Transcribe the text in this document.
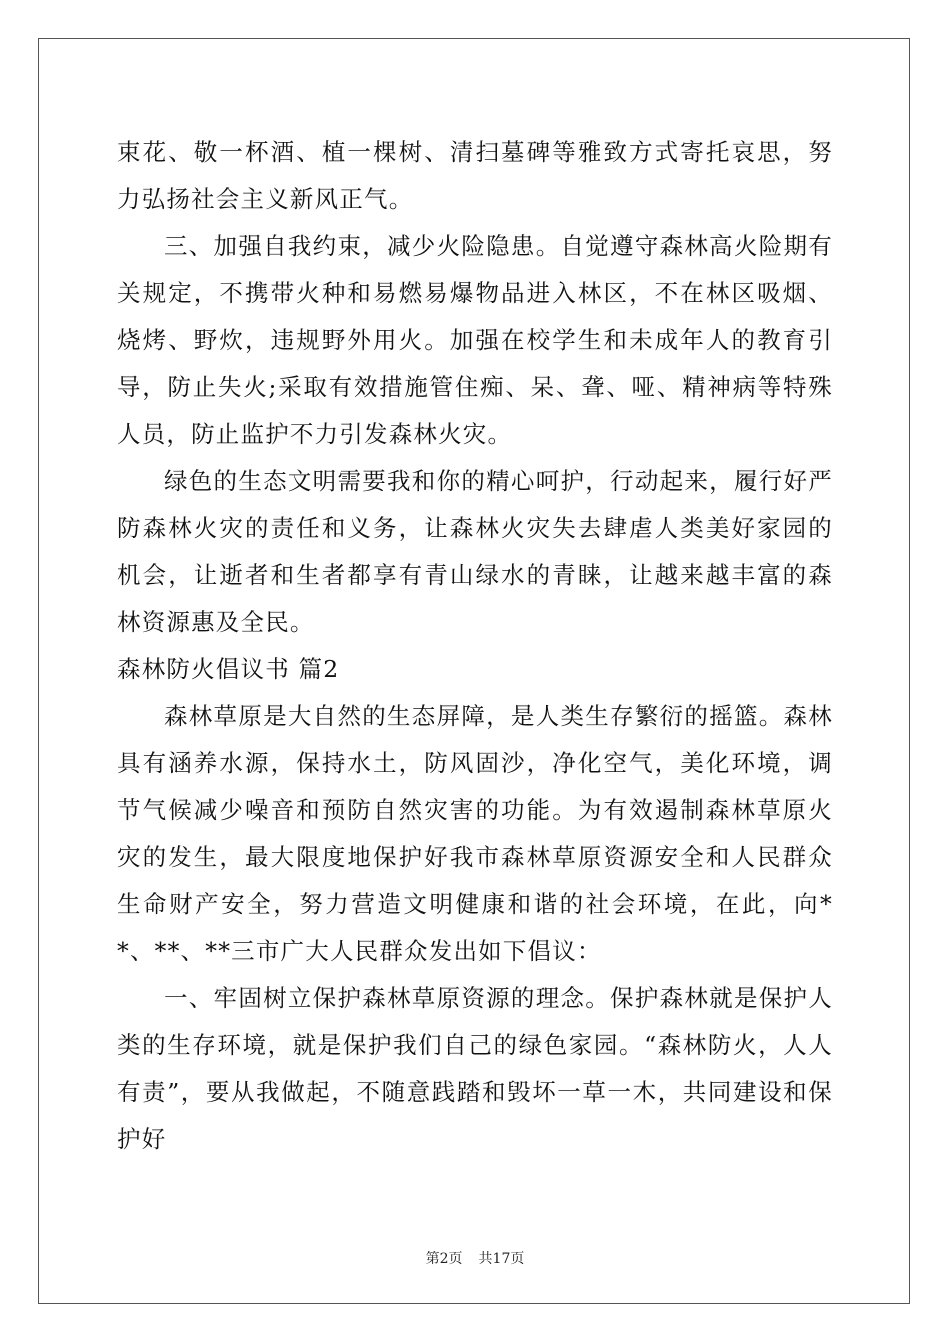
束花、敬一杯酒、植一棵树、清扫墓碑等雅致方式寄托哀思，努力弘扬社会主义新风正气。

三、加强自我约束，减少火险隐患。自觉遵守森林高火险期有关规定，不携带火种和易燃易爆物品进入林区，不在林区吸烟、烧烤、野炊，违规野外用火。加强在校学生和未成年人的教育引导，防止失火;采取有效措施管住痴、呆、聋、哑、精神病等特殊人员，防止监护不力引发森林火灾。

绿色的生态文明需要我和你的精心呵护，行动起来，履行好严防森林火灾的责任和义务，让森林火灾失去肆虐人类美好家园的机会，让逝者和生者都享有青山绿水的青睐，让越来越丰富的森林资源惠及全民。

森林防火倡议书 篇2

森林草原是大自然的生态屏障，是人类生存繁衍的摇篮。森林具有涵养水源，保持水土，防风固沙，净化空气，美化环境，调节气候减少噪音和预防自然灾害的功能。为有效遏制森林草原火灾的发生，最大限度地保护好我市森林草原资源安全和人民群众生命财产安全，努力营造文明健康和谐的社会环境，在此，向**、**、**三市广大人民群众发出如下倡议：

一、牢固树立保护森林草原资源的理念。保护森林就是保护人类的生存环境，就是保护我们自己的绿色家园。“森林防火，人人有责”，要从我做起，不随意践踏和毁坏一草一木，共同建设和保护好

第2页 共17页
